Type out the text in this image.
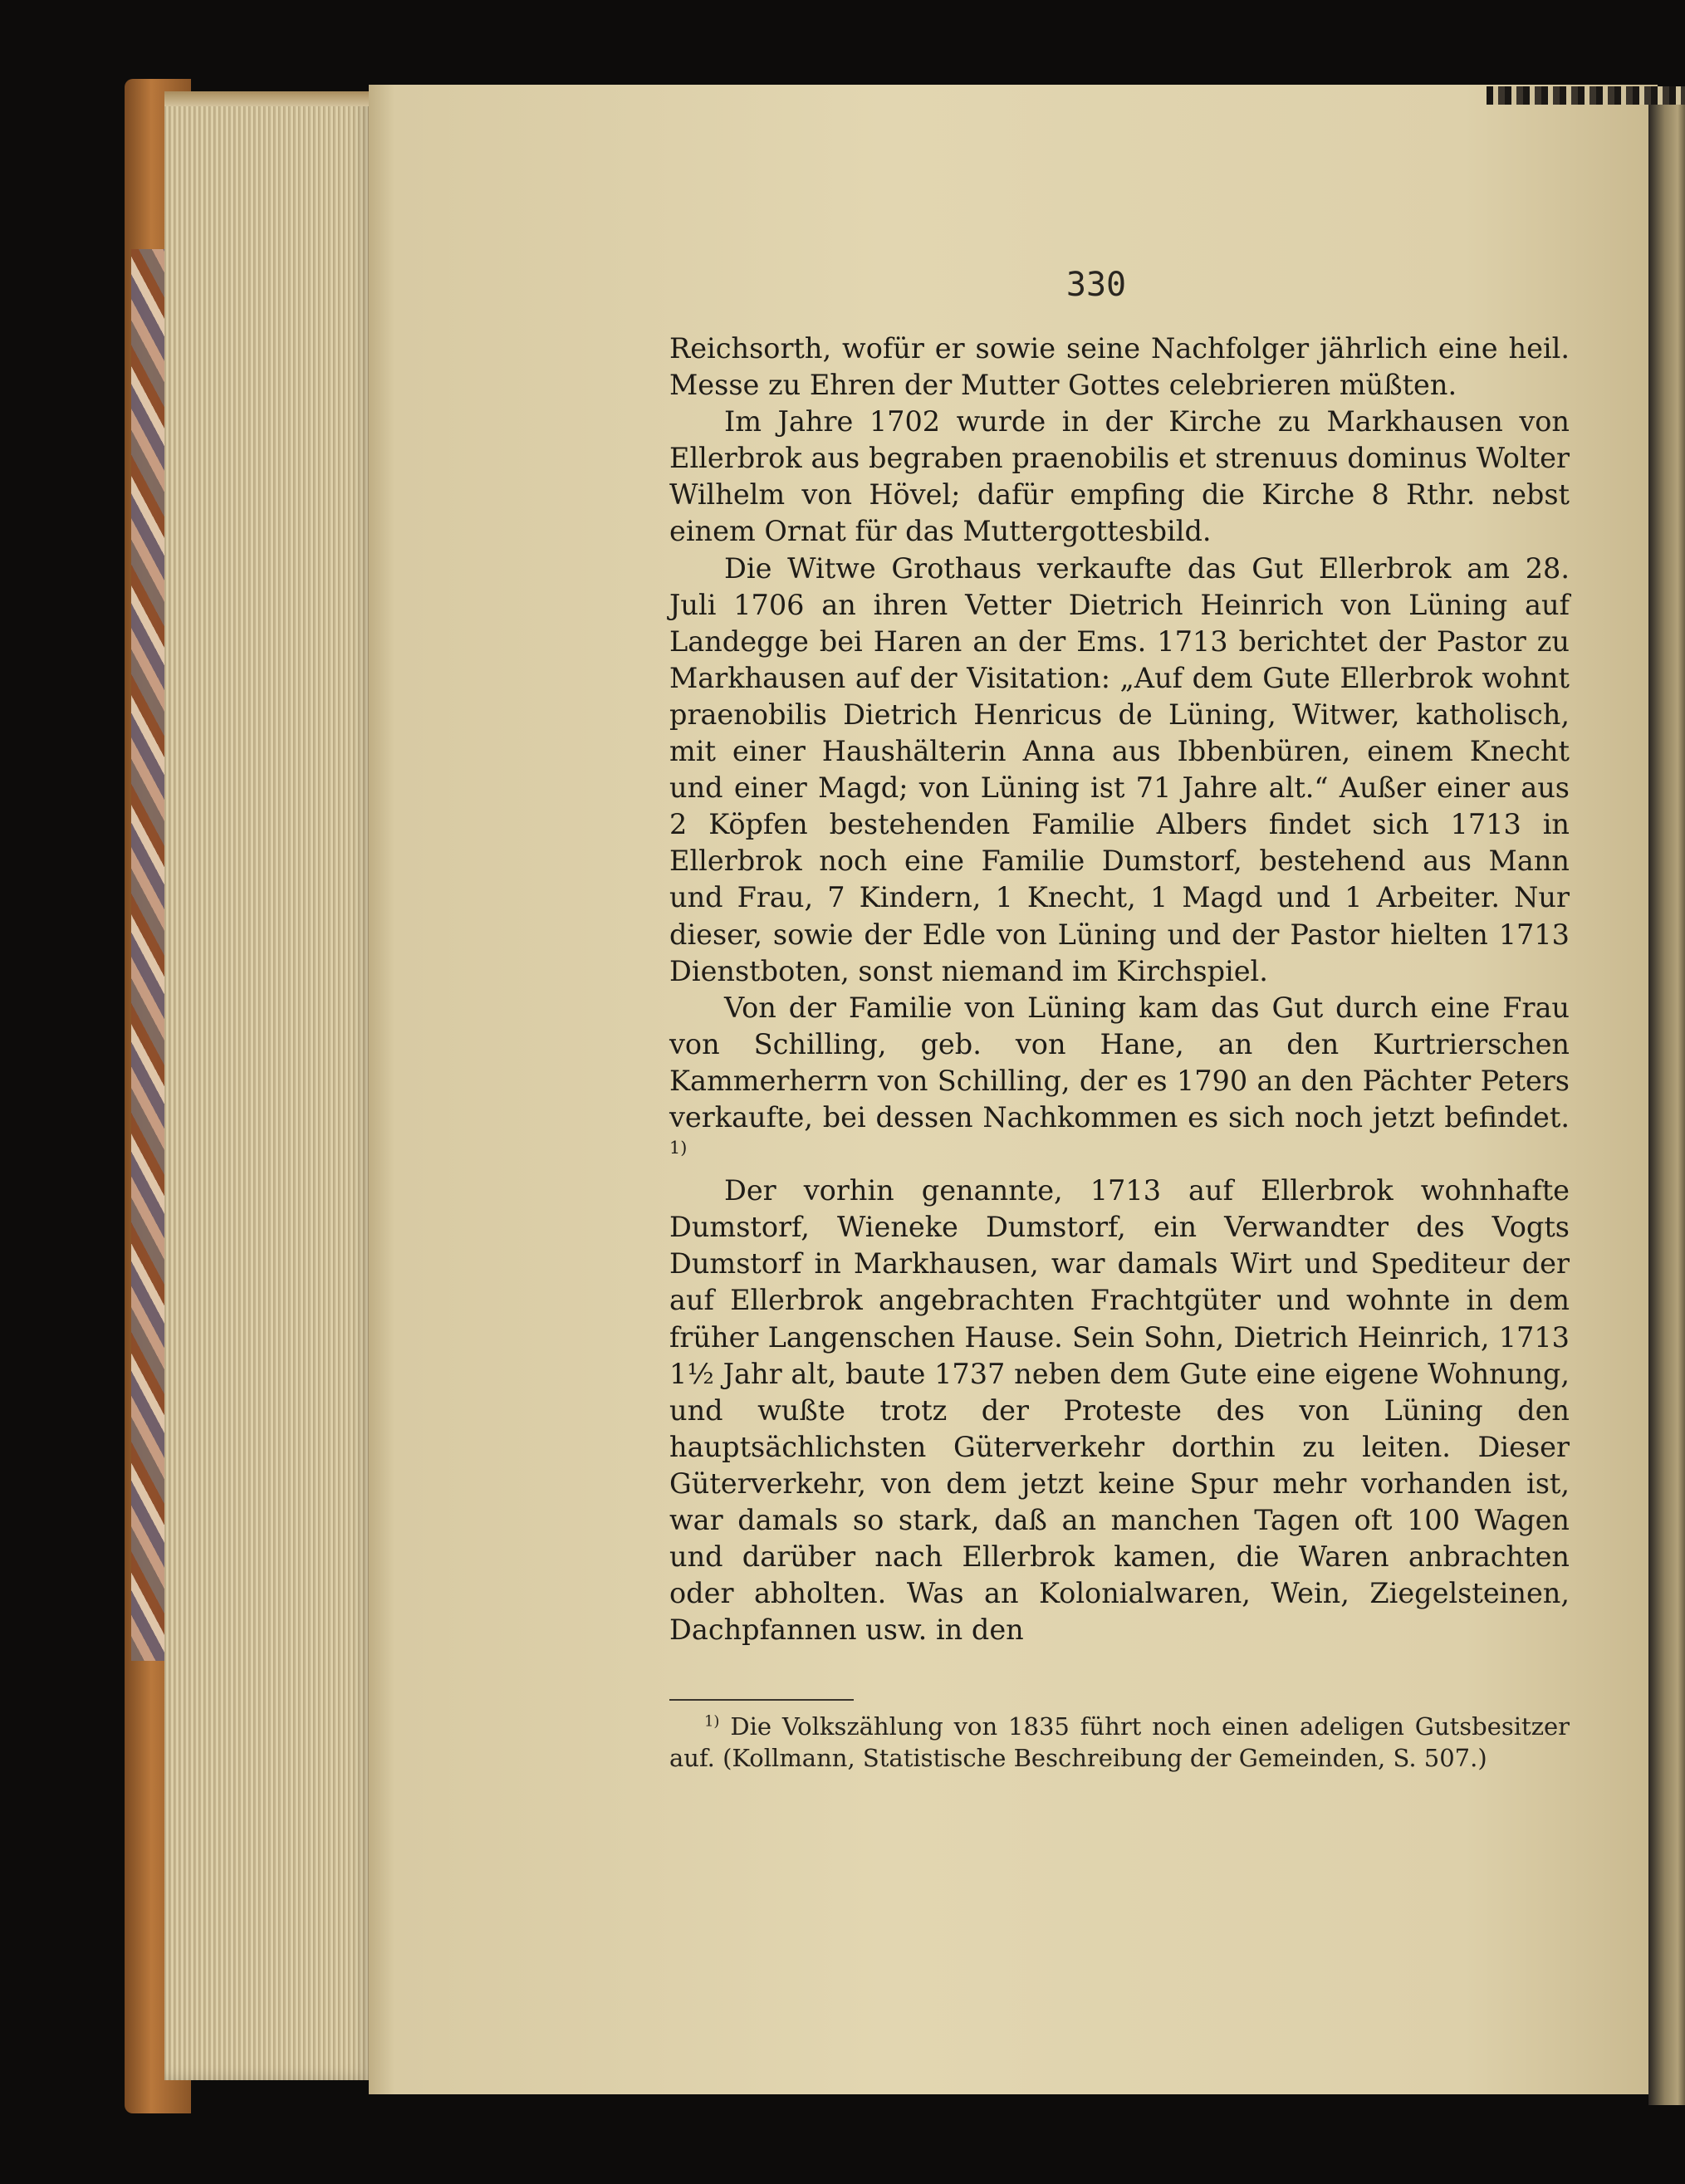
330

Reichsorth, wofür er sowie seine Nachfolger jährlich eine heil. Messe zu Ehren der Mutter Gottes celebrieren müßten.

Im Jahre 1702 wurde in der Kirche zu Markhausen von Ellerbrok aus begraben praenobilis et strenuus dominus Wolter Wilhelm von Hövel; dafür empfing die Kirche 8 Rthr. nebst einem Ornat für das Muttergottesbild.

Die Witwe Grothaus verkaufte das Gut Ellerbrok am 28. Juli 1706 an ihren Vetter Dietrich Heinrich von Lüning auf Landegge bei Haren an der Ems. 1713 berichtet der Pastor zu Markhausen auf der Visitation: „Auf dem Gute Ellerbrok wohnt praenobilis Dietrich Henricus de Lüning, Witwer, katholisch, mit einer Haushälterin Anna aus Ibbenbüren, einem Knecht und einer Magd; von Lüning ist 71 Jahre alt.“ Außer einer aus 2 Köpfen bestehenden Familie Albers findet sich 1713 in Ellerbrok noch eine Familie Dumstorf, bestehend aus Mann und Frau, 7 Kindern, 1 Knecht, 1 Magd und 1 Arbeiter. Nur dieser, sowie der Edle von Lüning und der Pastor hielten 1713 Dienstboten, sonst niemand im Kirchspiel.

Von der Familie von Lüning kam das Gut durch eine Frau von Schilling, geb. von Hane, an den Kurtrierschen Kammerherrn von Schilling, der es 1790 an den Pächter Peters verkaufte, bei dessen Nachkommen es sich noch jetzt befindet. $^{1)}$

Der vorhin genannte, 1713 auf Ellerbrok wohnhafte Dumstorf, Wieneke Dumstorf, ein Verwandter des Vogts Dumstorf in Markhausen, war damals Wirt und Spediteur der auf Ellerbrok angebrachten Frachtgüter und wohnte in dem früher Langenschen Hause. Sein Sohn, Dietrich Heinrich, 1713 1½ Jahr alt, baute 1737 neben dem Gute eine eigene Wohnung, und wußte trotz der Proteste des von Lüning den hauptsächlichsten Güterverkehr dorthin zu leiten. Dieser Güterverkehr, von dem jetzt keine Spur mehr vorhanden ist, war damals so stark, daß an manchen Tagen oft 100 Wagen und darüber nach Ellerbrok kamen, die Waren anbrachten oder abholten. Was an Kolonialwaren, Wein, Ziegelsteinen, Dachpfannen usw. in den

$^{1)}$ Die Volkszählung von 1835 führt noch einen adeligen Gutsbesitzer auf. (Kollmann, Statistische Beschreibung der Gemeinden, S. 507.)
